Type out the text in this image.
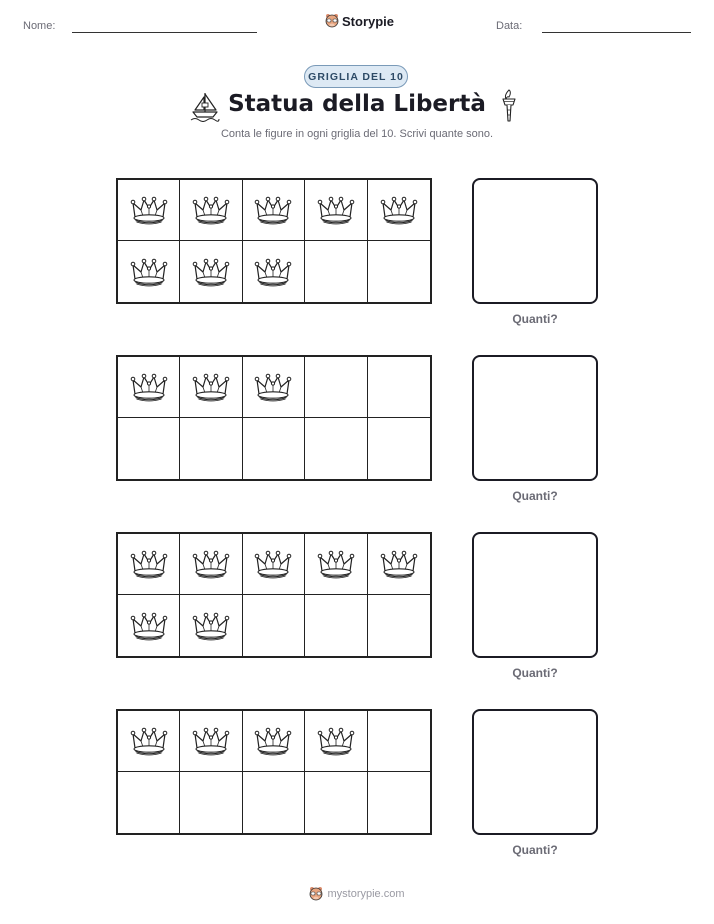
Nome:	Storypie	Data:
GRIGLIA DEL 10
Statua della Libertà
Conta le figure in ogni griglia del 10. Scrivi quante sono.
Quanti?
Quanti?
Quanti?
Quanti?
mystorypie.com
